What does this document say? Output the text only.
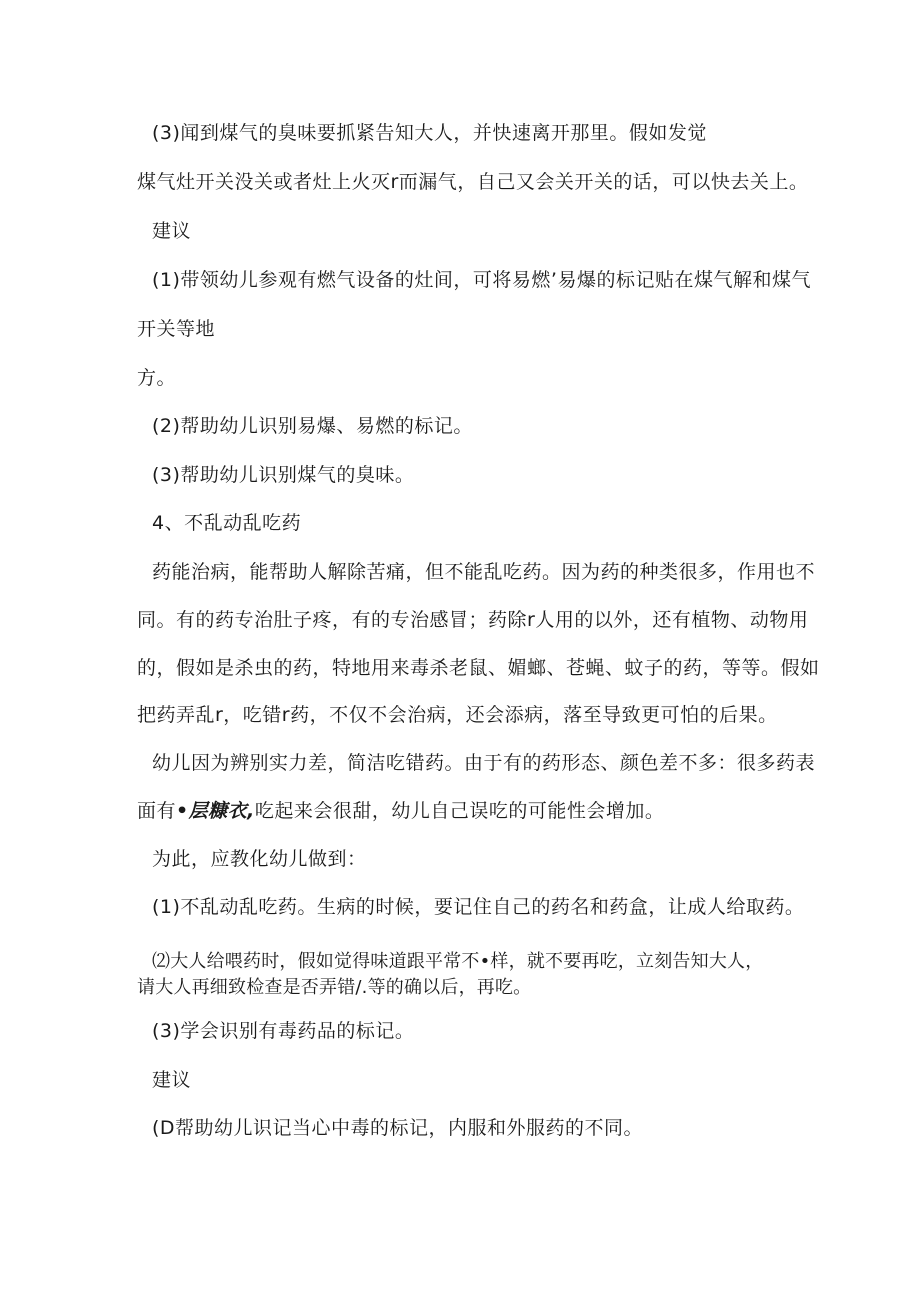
(3)闻到煤气的臭味要抓紧告知大人，并快速离开那里。假如发觉
煤气灶开关没关或者灶上火灭r而漏气，自己又会关开关的话，可以快去关上。
建议
(1)带领幼儿参观有燃气设备的灶间，可将易燃’易爆的标记贴在煤气解和煤气
开关等地
方。
(2)帮助幼儿识别易爆、易燃的标记。
(3)帮助幼儿识别煤气的臭味。
4、不乱动乱吃药
药能治病，能帮助人解除苦痛，但不能乱吃药。因为药的种类很多，作用也不
同。有的药专治肚子疼，有的专治感冒；药除r人用的以外，还有植物、动物用
的，假如是杀虫的药，特地用来毒杀老鼠、媚螂、苍蝇、蚊子的药，等等。假如
把药弄乱r，吃错r药，不仅不会治病，还会添病，落至导致更可怕的后果。
幼儿因为辨别实力差，简洁吃错药。由于有的药形态、颜色差不多：很多药表
面有•层糠衣,吃起来会很甜，幼儿自己误吃的可能性会增加。
为此，应教化幼儿做到：
(1)不乱动乱吃药。生病的时候，要记住自己的药名和药盒，让成人给取药。
⑵大人给喂药时，假如觉得味道跟平常不•样，就不要再吃，立刻告知大人，
请大人再细致检查是否弄错/.等的确以后，再吃。
(3)学会识别有毒药品的标记。
建议
(D帮助幼儿识记当心中毒的标记，内服和外服药的不同。
